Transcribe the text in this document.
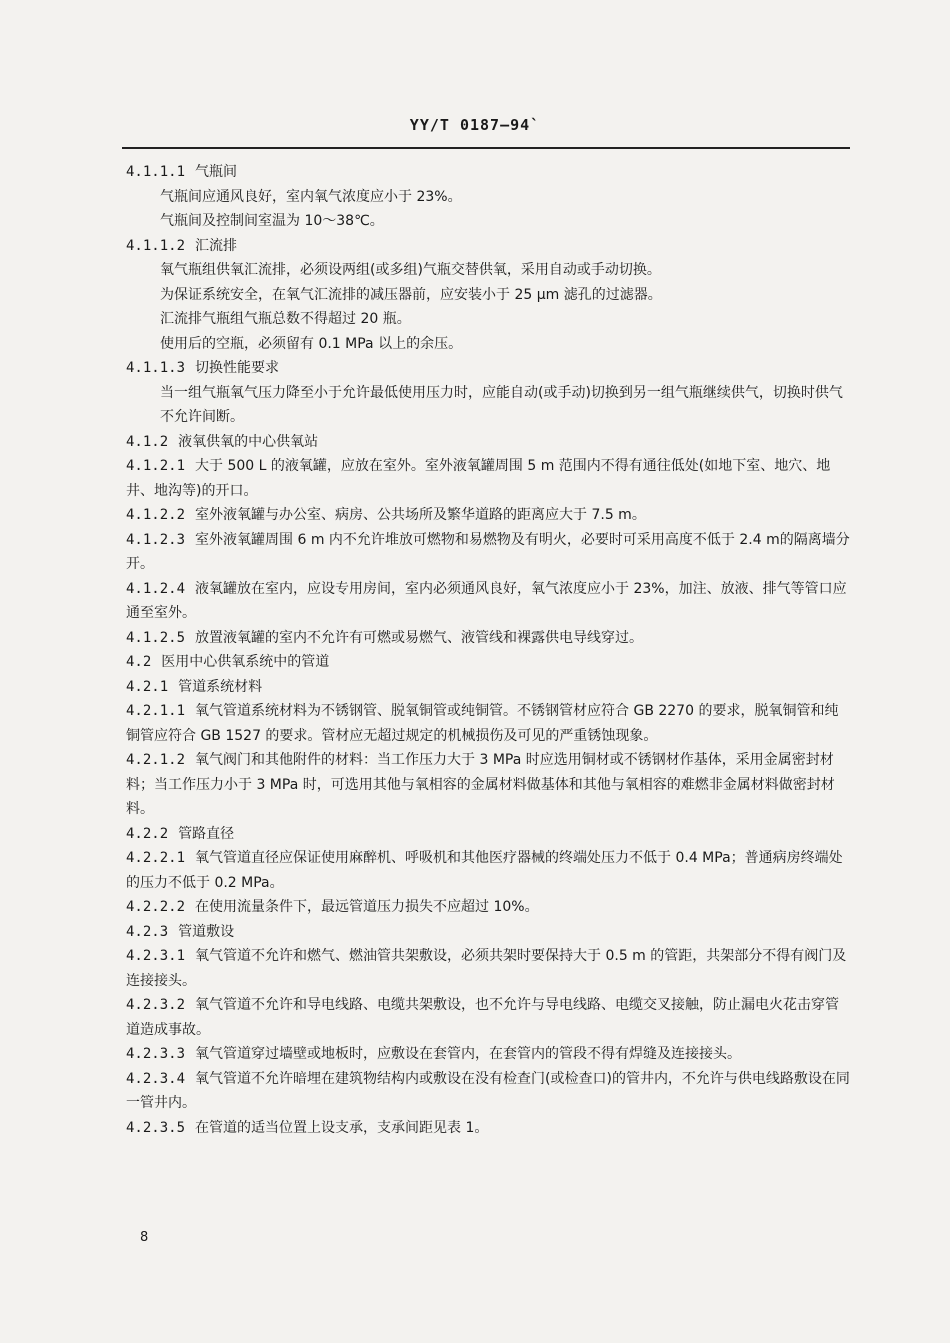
YY/T 0187—94`

4.1.1.1 气瓶间

气瓶间应通风良好，室内氧气浓度应小于 23%。

气瓶间及控制间室温为 10～38℃。

4.1.1.2 汇流排

氧气瓶组供氧汇流排，必须设两组(或多组)气瓶交替供氧，采用自动或手动切换。

为保证系统安全，在氧气汇流排的减压器前，应安装小于 25 μm 滤孔的过滤器。

汇流排气瓶组气瓶总数不得超过 20 瓶。

使用后的空瓶，必须留有 0.1 MPa 以上的余压。

4.1.1.3 切换性能要求

当一组气瓶氧气压力降至小于允许最低使用压力时，应能自动(或手动)切换到另一组气瓶继续供气，切换时供气不允许间断。

4.1.2 液氧供氧的中心供氧站

4.1.2.1 大于 500 L 的液氧罐，应放在室外。室外液氧罐周围 5 m 范围内不得有通往低处(如地下室、地穴、地井、地沟等)的开口。

4.1.2.2 室外液氧罐与办公室、病房、公共场所及繁华道路的距离应大于 7.5 m。

4.1.2.3 室外液氧罐周围 6 m 内不允许堆放可燃物和易燃物及有明火，必要时可采用高度不低于 2.4 m的隔离墙分开。

4.1.2.4 液氧罐放在室内，应设专用房间，室内必须通风良好，氧气浓度应小于 23%，加注、放液、排气等管口应通至室外。

4.1.2.5 放置液氧罐的室内不允许有可燃或易燃气、液管线和裸露供电导线穿过。

4.2 医用中心供氧系统中的管道

4.2.1 管道系统材料

4.2.1.1 氧气管道系统材料为不锈钢管、脱氧铜管或纯铜管。不锈钢管材应符合 GB 2270 的要求，脱氧铜管和纯铜管应符合 GB 1527 的要求。管材应无超过规定的机械损伤及可见的严重锈蚀现象。

4.2.1.2 氧气阀门和其他附件的材料：当工作压力大于 3 MPa 时应选用铜材或不锈钢材作基体，采用金属密封材料；当工作压力小于 3 MPa 时，可选用其他与氧相容的金属材料做基体和其他与氧相容的难燃非金属材料做密封材料。

4.2.2 管路直径

4.2.2.1 氧气管道直径应保证使用麻醉机、呼吸机和其他医疗器械的终端处压力不低于 0.4 MPa；普通病房终端处的压力不低于 0.2 MPa。

4.2.2.2 在使用流量条件下，最远管道压力损失不应超过 10%。

4.2.3 管道敷设

4.2.3.1 氧气管道不允许和燃气、燃油管共架敷设，必须共架时要保持大于 0.5 m 的管距，共架部分不得有阀门及连接接头。

4.2.3.2 氧气管道不允许和导电线路、电缆共架敷设，也不允许与导电线路、电缆交叉接触，防止漏电火花击穿管道造成事故。

4.2.3.3 氧气管道穿过墙壁或地板时，应敷设在套管内，在套管内的管段不得有焊缝及连接接头。

4.2.3.4 氧气管道不允许暗埋在建筑物结构内或敷设在没有检查门(或检查口)的管井内，不允许与供电线路敷设在同一管井内。

4.2.3.5 在管道的适当位置上设支承，支承间距见表 1。

8
